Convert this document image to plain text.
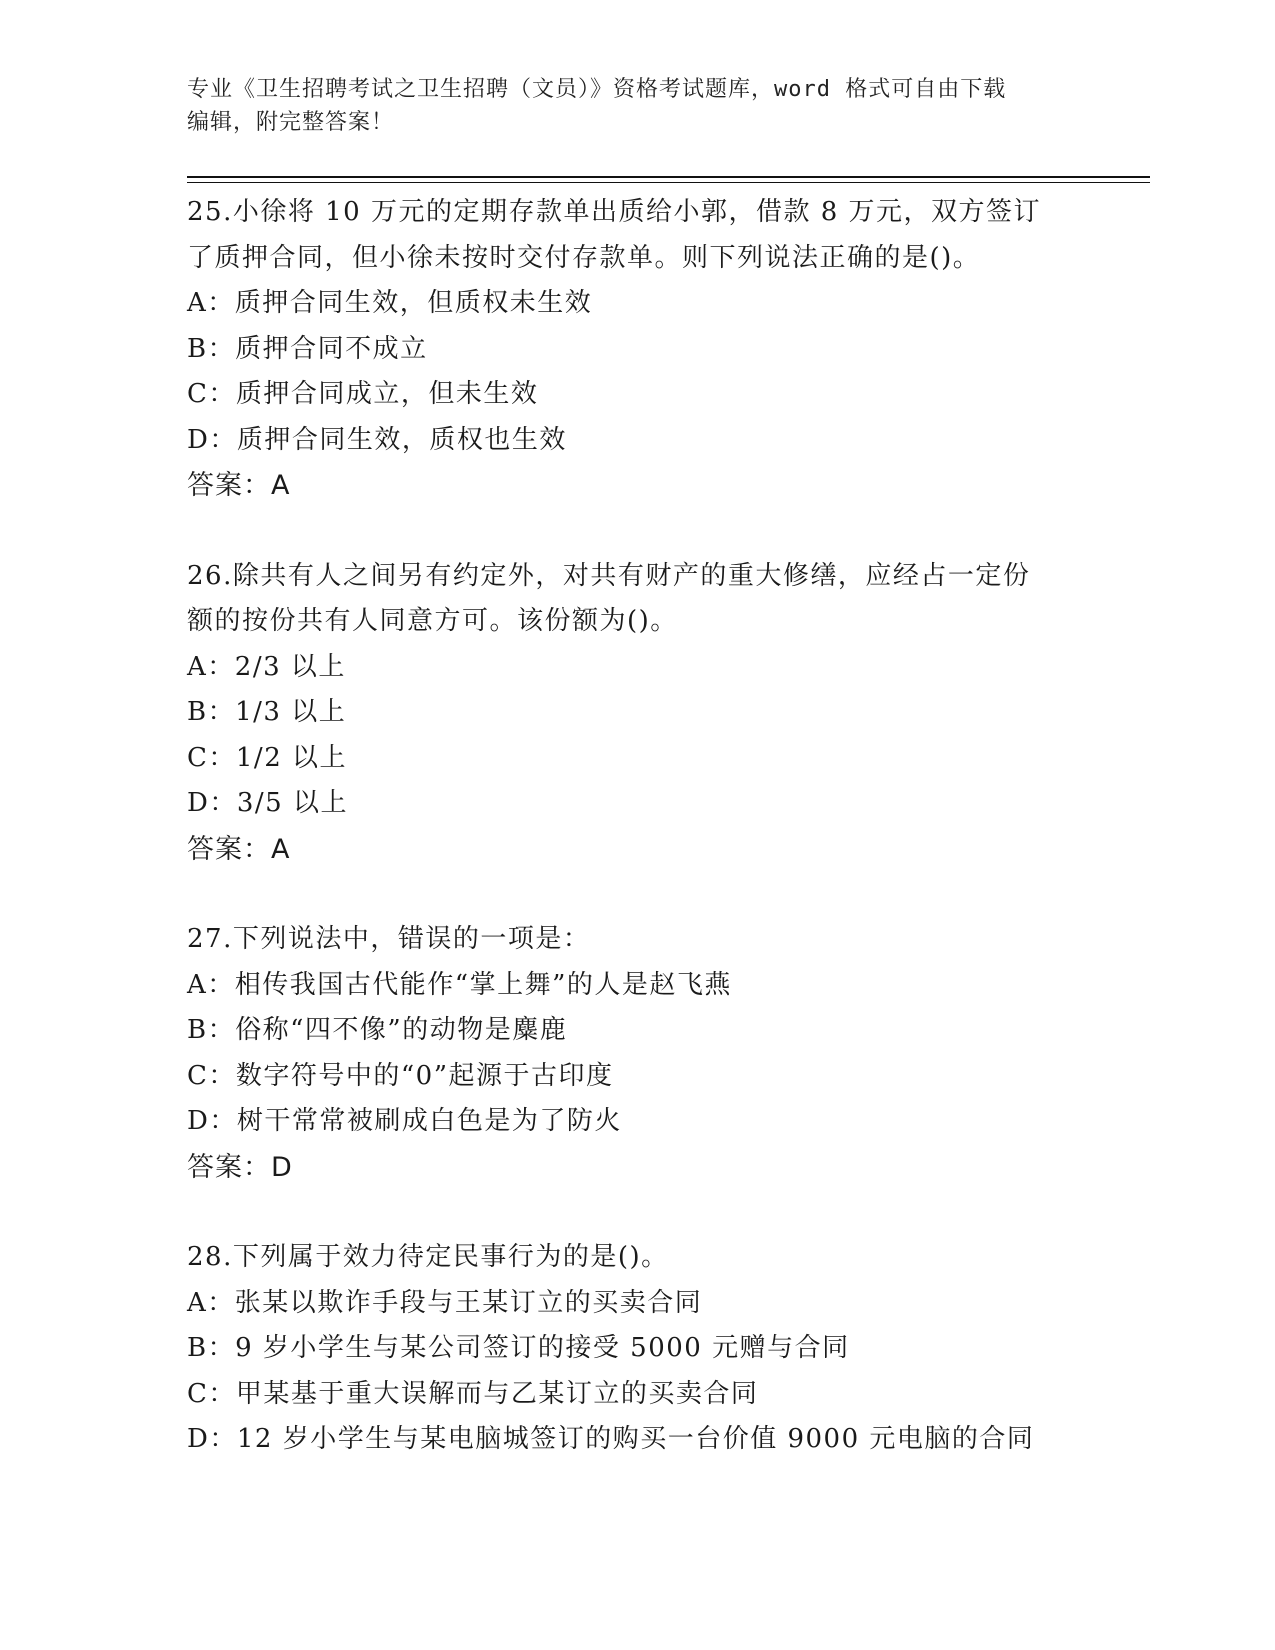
专业《卫生招聘考试之卫生招聘（文员）》资格考试题库，word 格式可自由下载
编辑，附完整答案！
25.小徐将 10 万元的定期存款单出质给小郭，借款 8 万元，双方签订
了质押合同，但小徐未按时交付存款单。则下列说法正确的是()。
A：质押合同生效，但质权未生效
B：质押合同不成立
C：质押合同成立，但未生效
D：质押合同生效，质权也生效
答案：A
26.除共有人之间另有约定外，对共有财产的重大修缮，应经占一定份
额的按份共有人同意方可。该份额为()。
A：2/3 以上
B：1/3 以上
C：1/2 以上
D：3/5 以上
答案：A
27.下列说法中，错误的一项是：
A：相传我国古代能作“掌上舞”的人是赵飞燕
B：俗称“四不像”的动物是麋鹿
C：数字符号中的“0”起源于古印度
D：树干常常被刷成白色是为了防火
答案：D
28.下列属于效力待定民事行为的是()。
A：张某以欺诈手段与王某订立的买卖合同
B：9 岁小学生与某公司签订的接受 5000 元赠与合同
C：甲某基于重大误解而与乙某订立的买卖合同
D：12 岁小学生与某电脑城签订的购买一台价值 9000 元电脑的合同
